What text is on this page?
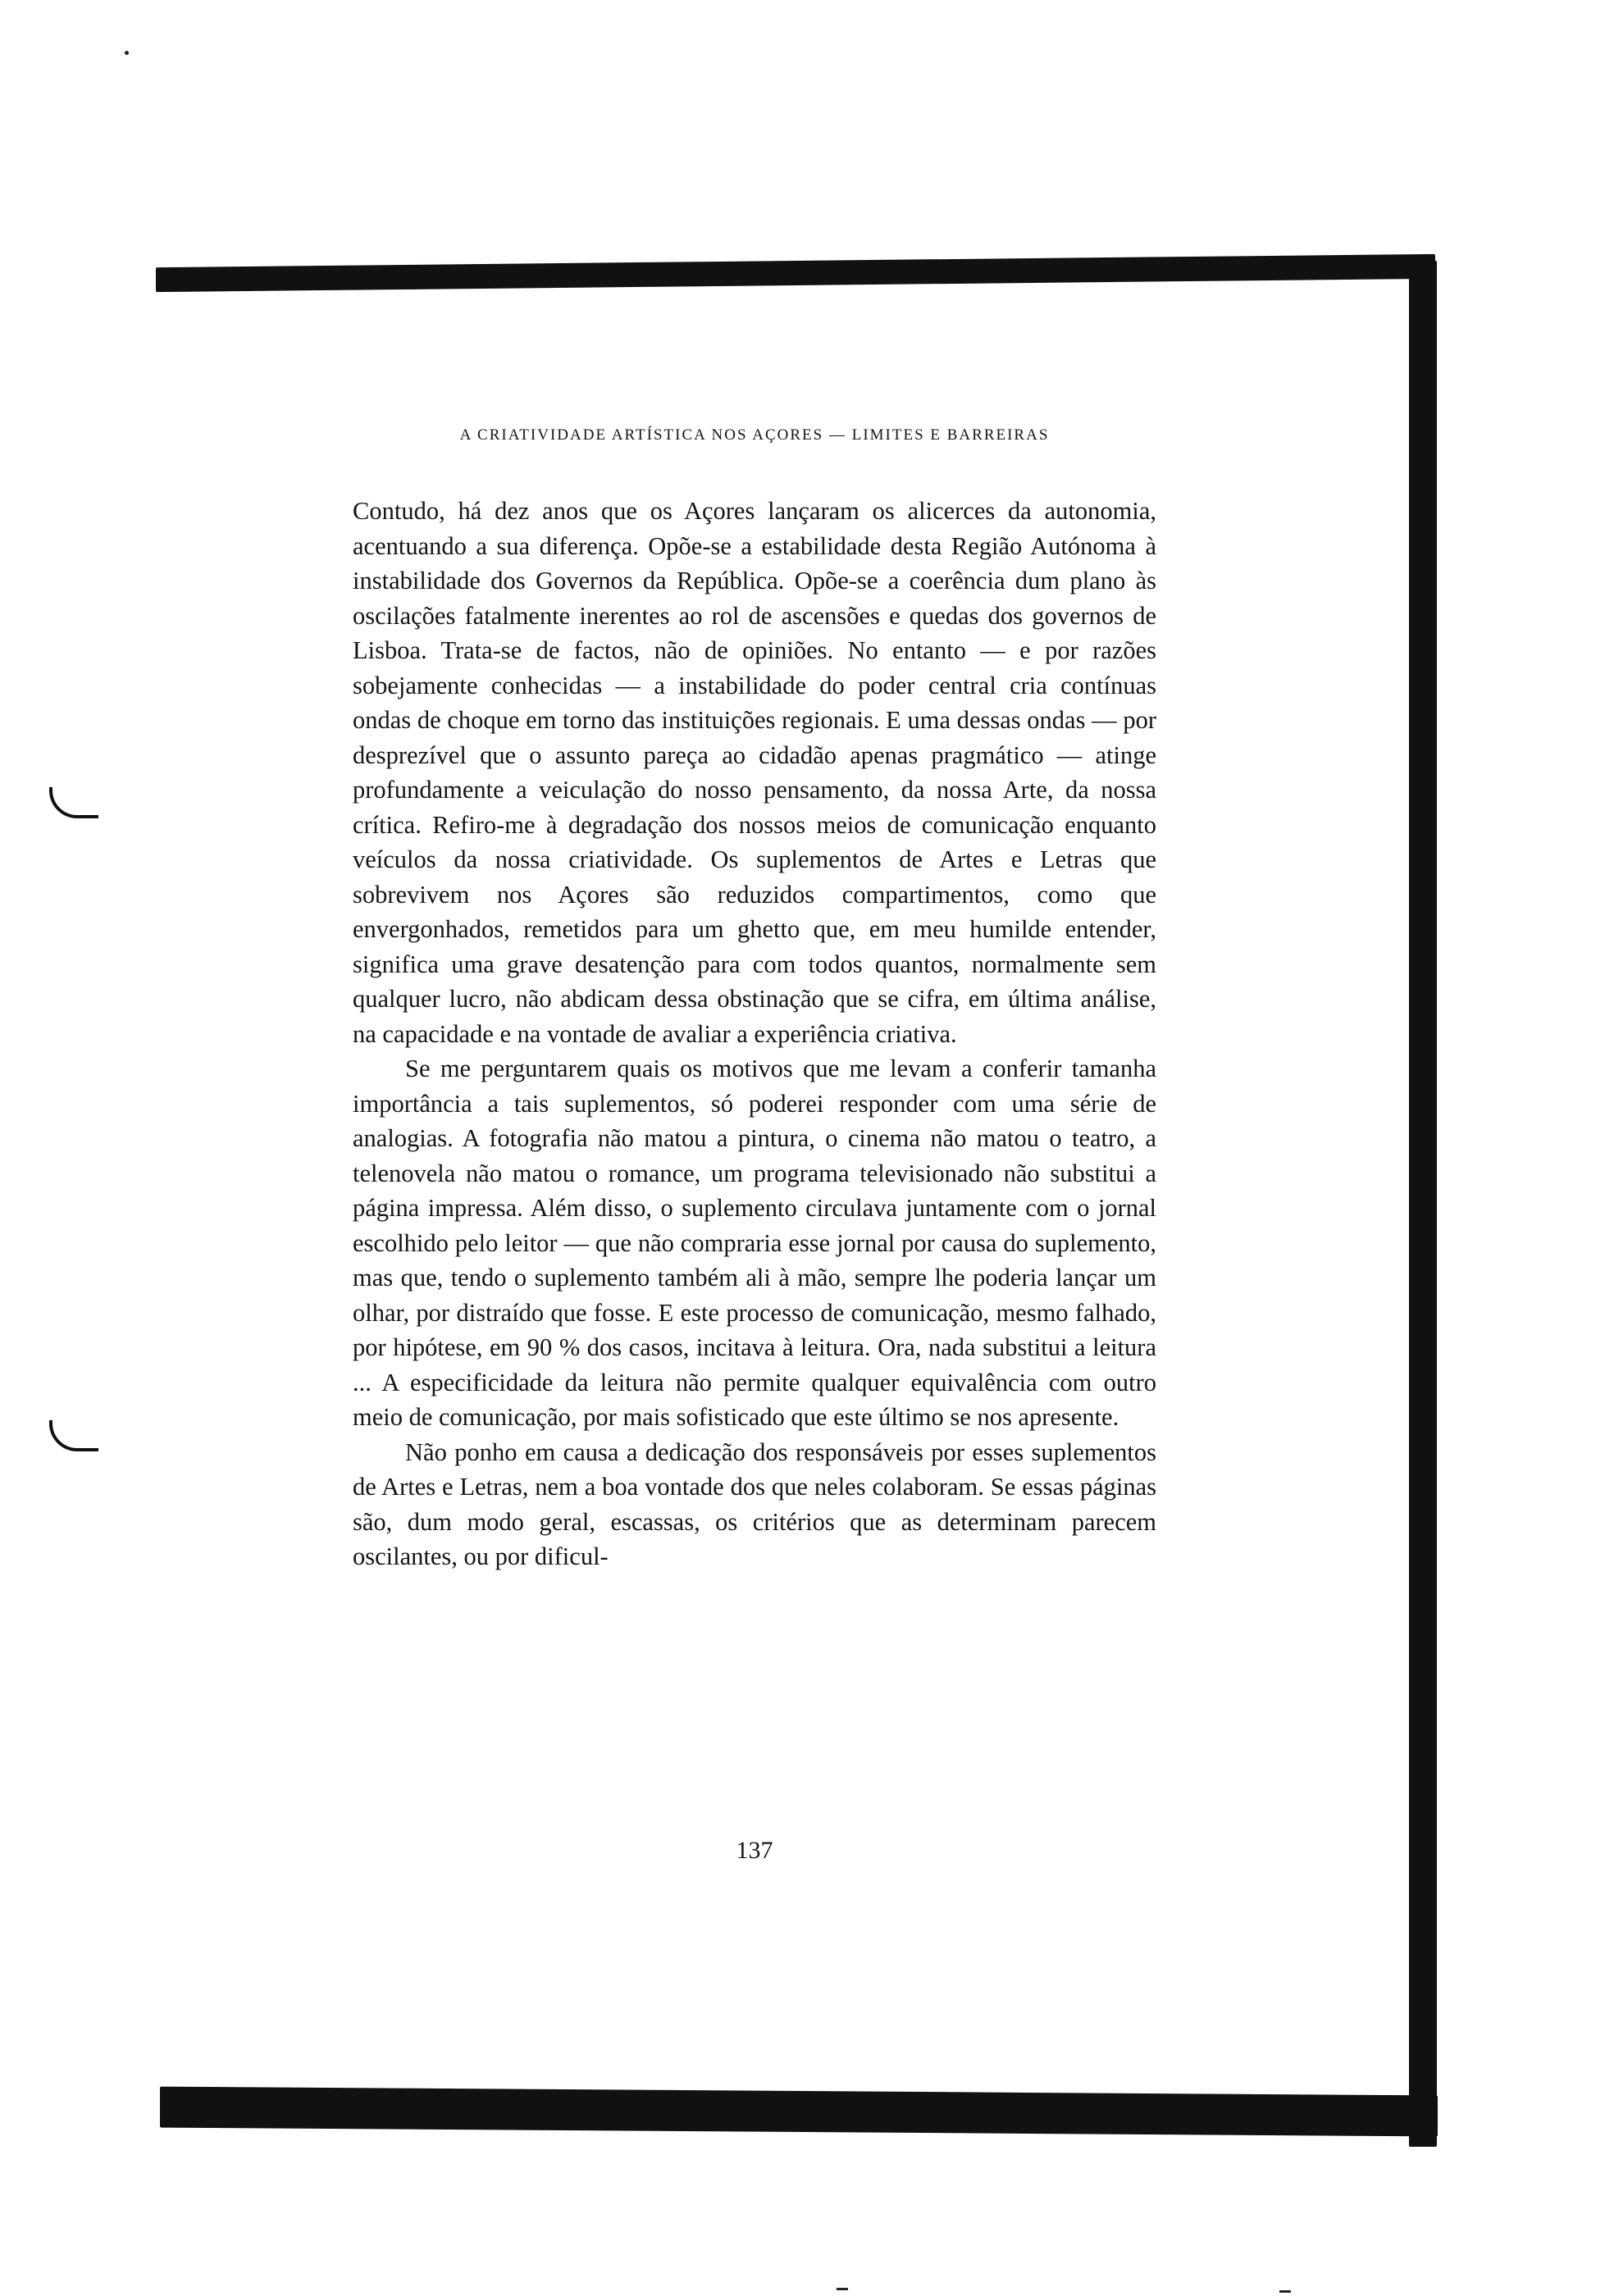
A CRIATIVIDADE ARTÍSTICA NOS AÇORES — LIMITES E BARREIRAS

Contudo, há dez anos que os Açores lançaram os alicerces da autonomia, acentuando a sua diferença. Opõe-se a estabilidade desta Região Autónoma à instabilidade dos Governos da República. Opõe-se a coerência dum plano às oscilações fatalmente inerentes ao rol de ascensões e quedas dos governos de Lisboa. Trata-se de factos, não de opiniões. No entanto — e por razões sobejamente conhecidas — a instabilidade do poder central cria contínuas ondas de choque em torno das instituições regionais. E uma dessas ondas — por desprezível que o assunto pareça ao cidadão apenas pragmático — atinge profundamente a veiculação do nosso pensamento, da nossa Arte, da nossa crítica. Refiro-me à degradação dos nossos meios de comunicação enquanto veículos da nossa criatividade. Os suplementos de Artes e Letras que sobrevivem nos Açores são reduzidos compartimentos, como que envergonhados, remetidos para um ghetto que, em meu humilde entender, significa uma grave desatenção para com todos quantos, normalmente sem qualquer lucro, não abdicam dessa obstinação que se cifra, em última análise, na capacidade e na vontade de avaliar a experiência criativa.

Se me perguntarem quais os motivos que me levam a conferir tamanha importância a tais suplementos, só poderei responder com uma série de analogias. A fotografia não matou a pintura, o cinema não matou o teatro, a telenovela não matou o romance, um programa televisionado não substitui a página impressa. Além disso, o suplemento circulava juntamente com o jornal escolhido pelo leitor — que não compraria esse jornal por causa do suplemento, mas que, tendo o suplemento também ali à mão, sempre lhe poderia lançar um olhar, por distraído que fosse. E este processo de comunicação, mesmo falhado, por hipótese, em 90 % dos casos, incitava à leitura. Ora, nada substitui a leitura ... A especificidade da leitura não permite qualquer equivalência com outro meio de comunicação, por mais sofisticado que este último se nos apresente.

Não ponho em causa a dedicação dos responsáveis por esses suplementos de Artes e Letras, nem a boa vontade dos que neles colaboram. Se essas páginas são, dum modo geral, escassas, os critérios que as determinam parecem oscilantes, ou por dificul-

137
